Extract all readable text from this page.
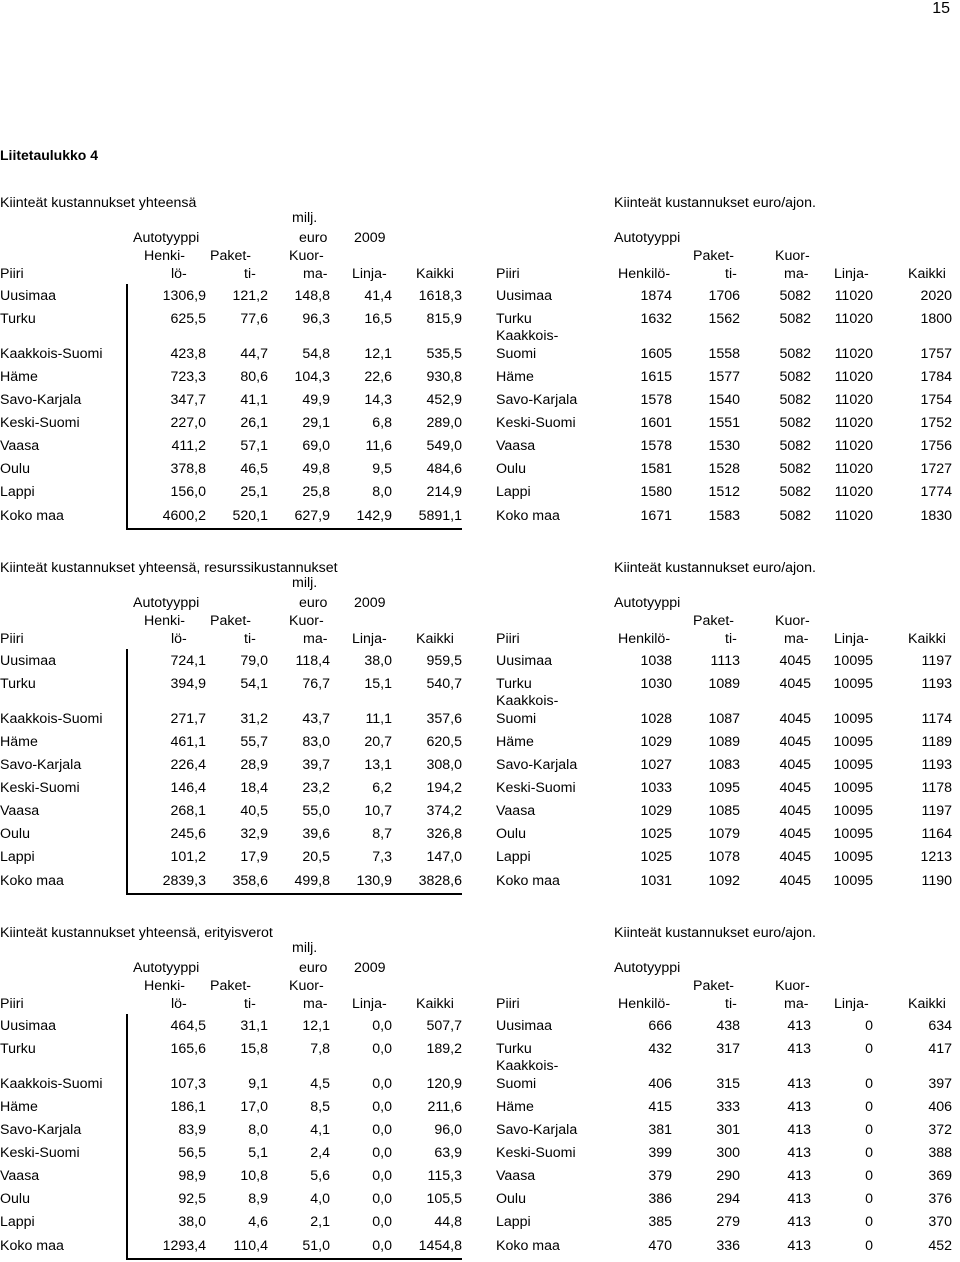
15
Liitetaulukko 4
Kiinteät kustannukset yhteensä	Kiinteät kustannukset euro/ajon.
milj.
Autotyyppi	euro 2009	Autotyyppi
Henki- Paket-	Kuor-	Paket-	Kuor-
Piiri	lö-	ti-	ma- Linja- Kaikki	Piiri	Henkilö-	ti-	ma- Linja-	Kaikki
Uusimaa	1306,9 121,2 148,8 41,4 1618,3
Turku	625,5 77,6 96,3 16,5 815,9
Kaakkois-Suomi	423,8 44,7 54,8 12,1 535,5
Häme	723,3 80,6 104,3 22,6 930,8
Savo-Karjala	347,7 41,1 49,9 14,3 452,9
Keski-Suomi	227,0 26,1 29,1	6,8 289,0
Vaasa	411,2 57,1 69,0 11,6 549,0
Oulu	378,8 46,5 49,8	9,5 484,6
Lappi	156,0 25,1 25,8	8,0 214,9
Koko maa	4600,2 520,1 627,9 142,9 5891,1
Uusimaa	1874	1706	5082 11020	2020
Turku	1632	1562	5082 11020	1800
Kaakkois-
Suomi	1605	1558	5082 11020	1757
Häme	1615	1577	5082 11020	1784
Savo-Karjala	1578	1540	5082 11020	1754
Keski-Suomi	1601	1551	5082 11020	1752
Vaasa	1578	1530	5082 11020	1756
Oulu	1581	1528	5082 11020	1727
Lappi	1580	1512	5082 11020	1774
Koko maa	1671	1583	5082 11020	1830
Kiinteät kustannukset yhteensä, resurssikustannukset	Kiinteät kustannukset euro/ajon.
milj.
Autotyyppi	euro 2009	Autotyyppi
Henki- Paket-	Kuor-	Paket-	Kuor-
Piiri	lö-	ti-	ma- Linja- Kaikki	Piiri	Henkilö-	ti-	ma- Linja-	Kaikki
Uusimaa	724,1 79,0 118,4 38,0 959,5
Turku	394,9 54,1 76,7 15,1 540,7
Kaakkois-Suomi	271,7 31,2 43,7 11,1 357,6
Häme	461,1 55,7 83,0 20,7 620,5
Savo-Karjala	226,4 28,9 39,7 13,1 308,0
Keski-Suomi	146,4 18,4 23,2	6,2 194,2
Vaasa	268,1 40,5 55,0 10,7 374,2
Oulu	245,6 32,9 39,6	8,7 326,8
Lappi	101,2 17,9 20,5	7,3 147,0
Koko maa	2839,3 358,6 499,8 130,9 3828,6
Uusimaa	1038	1113	4045 10095	1197
Turku	1030	1089	4045 10095	1193
Kaakkois-
Suomi	1028	1087	4045 10095	1174
Häme	1029	1089	4045 10095	1189
Savo-Karjala	1027	1083	4045 10095	1193
Keski-Suomi	1033	1095	4045 10095	1178
Vaasa	1029	1085	4045 10095	1197
Oulu	1025	1079	4045 10095	1164
Lappi	1025	1078	4045 10095	1213
Koko maa	1031	1092	4045 10095	1190
Kiinteät kustannukset yhteensä, erityisverot	Kiinteät kustannukset euro/ajon.
milj.
Autotyyppi	euro 2009	Autotyyppi
Henki- Paket-	Kuor-	Paket-	Kuor-
Piiri	lö-	ti-	ma- Linja- Kaikki	Piiri	Henkilö-	ti-	ma- Linja-	Kaikki
Uusimaa	464,5 31,1 12,1	0,0 507,7
Turku	165,6 15,8	7,8	0,0 189,2
Kaakkois-Suomi	107,3	9,1	4,5	0,0 120,9
Häme	186,1 17,0	8,5	0,0	211,6
Savo-Karjala	83,9	8,0	4,1	0,0	96,0
Keski-Suomi	56,5	5,1	2,4	0,0	63,9
Vaasa	98,9 10,8	5,6	0,0	115,3
Oulu	92,5	8,9	4,0	0,0 105,5
Lappi	38,0	4,6	2,1	0,0	44,8
Koko maa	1293,4 110,4 51,0	0,0 1454,8
Uusimaa	666	438	413	0	634
Turku	432	317	413	0	417
Kaakkois-
Suomi	406	315	413	0	397
Häme	415	333	413	0	406
Savo-Karjala	381	301	413	0	372
Keski-Suomi	399	300	413	0	388
Vaasa	379	290	413	0	369
Oulu	386	294	413	0	376
Lappi	385	279	413	0	370
Koko maa	470	336	413	0	452
